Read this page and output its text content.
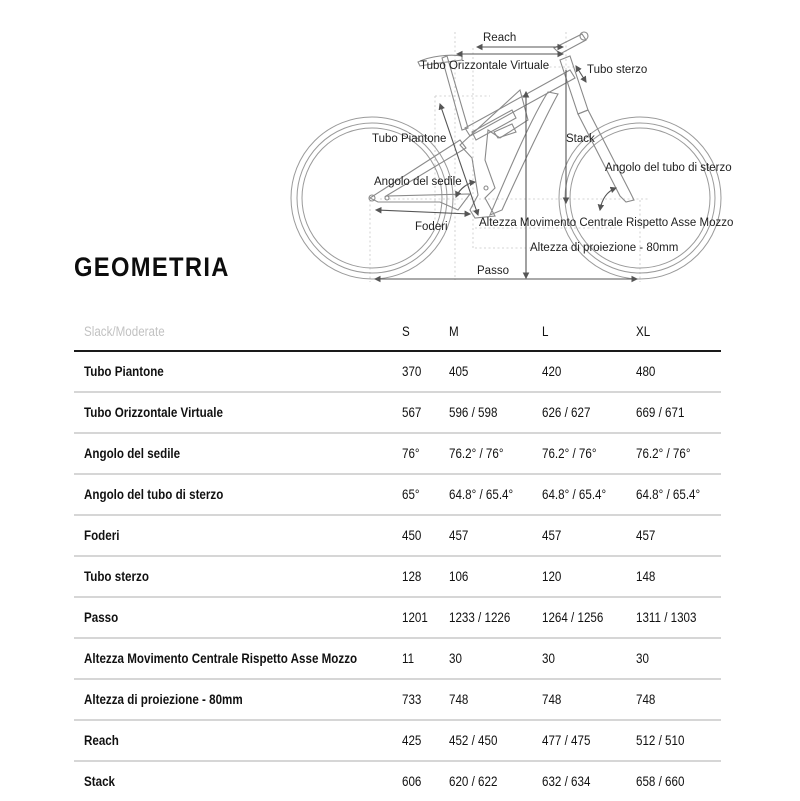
Reach
Tubo Orizzontale Virtuale	Tubo sterzo
Tubo Piantone	Stack
Angolo del tubo di sterzo
Angolo del sedile
Foderi	Altezza Movimento Centrale Rispetto Asse Mozzo
Altezza di proiezione - 80mm
Passo
GEOMETRIA
Slack/Moderate	S	M	L	XL
Tubo Piantone	370	405	420	480
Tubo Orizzontale Virtuale	567	596 / 598	626 / 627	669 / 671
Angolo del sedile	76°	76.2° / 76°	76.2° / 76°	76.2° / 76°
Angolo del tubo di sterzo	65°	64.8° / 65.4°	64.8° / 65.4°	64.8° / 65.4°
Foderi	450	457	457	457
Tubo sterzo	128	106	120	148
Passo	1201	1233 / 1226	1264 / 1256	1311 / 1303
Altezza Movimento Centrale Rispetto Asse Mozzo	11	30	30	30
Altezza di proiezione - 80mm	733	748	748	748
Reach	425	452 / 450	477 / 475	512 / 510
Stack	606	620 / 622	632 / 634	658 / 660
